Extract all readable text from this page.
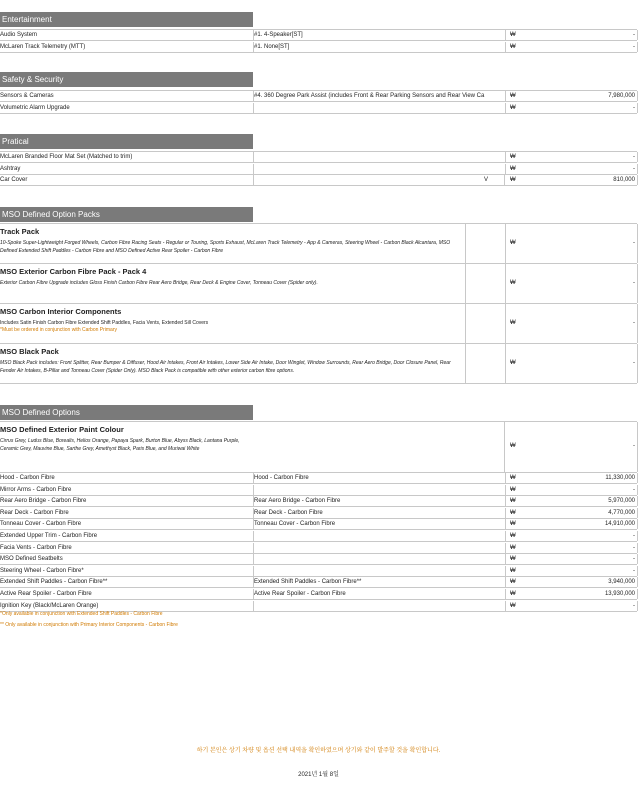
Entertainment
Audio System	#1. 4-Speaker[ST]	₩	-
McLaren Track Telemetry (MTT)	#1. None[ST]	₩	-
Safety & Security
Sensors & Cameras	#4. 360 Degree Park Assist (includes Front & Rear Parking Sensors and Rear View Ca	₩	7,980,000
Volumetric Alarm Upgrade	₩	-
Pratical
McLaren Branded Floor Mat Set (Matched to trim)	₩	-
Ashtray	₩	-
Car Cover	V	₩	810,000
MSO Defined Option Packs
Track Pack
10-Spoke Super-Lightweight Forged Wheels, Carbon Fibre Racing Seats - Regular or Touring, Sports Exhaust, McLaren Track Telemetry - App & Cameras, Steering Wheel - Carbon Black Alcantara, MSO Defined Extended Shift Paddles - Carbon Fibre and MSO Defined Active Rear Spoiler - Carbon Fibre
₩	-
MSO Exterior Carbon Fibre Pack - Pack 4
Exterior Carbon Fibre Upgrade includes Gloss Finish Carbon Fibre Rear Aero Bridge, Rear Deck & Engine Cover, Tonneau Cover (Spider only).	₩	-
MSO Carbon Interior Components
Includes Satin Finish Carbon Fibre Extended Shift Paddles, Facia Vents, Extended Sill Covers
*Must be ordered in conjunction with Carbon Primary
₩	-
MSO Black Pack
MSO Black Pack includes: Front Splitter, Rear Bumper & Diffuser, Hood Air Intakes, Front Air Intakes, Lower Side Air Intake, Door Winglet, Window Surrounds, Rear Aero Bridge, Door Closure Panel, Rear Fender Air Intakes, B-Pillar and Tonneau Cover (Spider Only). MSO Black Pack is compatible with other exterior carbon fibre options.
₩	-
MSO Defined Options
MSO Defined Exterior Paint Colour
Cirrus Grey, Ludus Blue, Borealis, Helios Orange, Papaya Spark, Burton Blue, Abyss Black, Lantana Purple, Ceramic Grey, Mauvine Blue, Sarthe Grey, Amethyst Black, Paris Blue, and Muriwai White	₩	-
Hood - Carbon Fibre	Hood - Carbon Fibre	₩	11,330,000
Mirror Arms - Carbon Fibre	₩	-
Rear Aero Bridge - Carbon Fibre	Rear Aero Bridge - Carbon Fibre	₩	5,970,000
Rear Deck - Carbon Fibre	Rear Deck - Carbon Fibre	₩	4,770,000
Tonneau Cover - Carbon Fibre	Tonneau Cover - Carbon Fibre	₩	14,910,000
Extended Upper Trim - Carbon Fibre	₩	-
Facia Vents - Carbon Fibre	₩	-
MSO Defined Seatbelts	₩	-
Steering Wheel - Carbon Fibre*	₩	-
Extended Shift Paddles - Carbon Fibre**	Extended Shift Paddles - Carbon Fibre**	₩	3,940,000
Active Rear Spoiler - Carbon Fibre	Active Rear Spoiler - Carbon Fibre	₩	13,930,000
Ignition Key (Black/McLaren Orange)	₩	-
*Only available in conjunction with Extended Shift Paddles - Carbon Fibre
** Only available in conjunction with Primary Interior Components - Carbon Fibre
하기 본인은 상기 차량 및 옵션 선택 내역을 확인하였으며 상기와 같이 발주할 것을 확인합니다.
2021년 1월 8일
